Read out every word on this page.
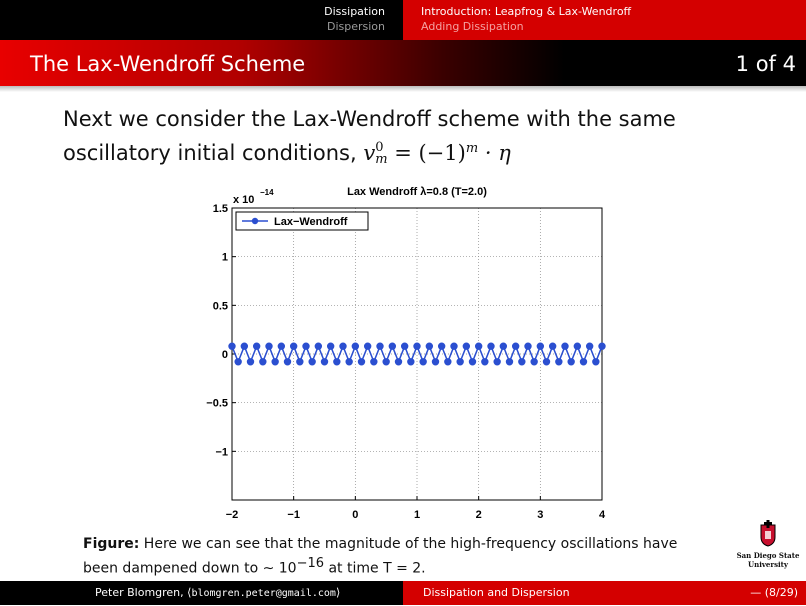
Dissipation
Dispersion
Introduction: Leapfrog & Lax-Wendroff
Adding Dissipation
The Lax-Wendroff Scheme	1 of 4
Next we consider the Lax-Wendroff scheme with the same
oscillatory initial conditions, v 0
$m = (-1)^m \cdot \eta$
−2	−1	0	1	2	3	4
−1
−0.5
0
0.5
1
1.5
Lax Wendroff λ=0.8 (T=2.0)
x 10
−14
Lax−Wendroff
Figure: Here we can see that the magnitude of the high-frequency oscillations have
been dampened down to ∼ $10^{-16}$ at time T = 2.
San Diego State
University
Peter Blomgren, ⟨blomgren.peter@gmail.com⟩	Dissipation and Dispersion	— (8/29)
